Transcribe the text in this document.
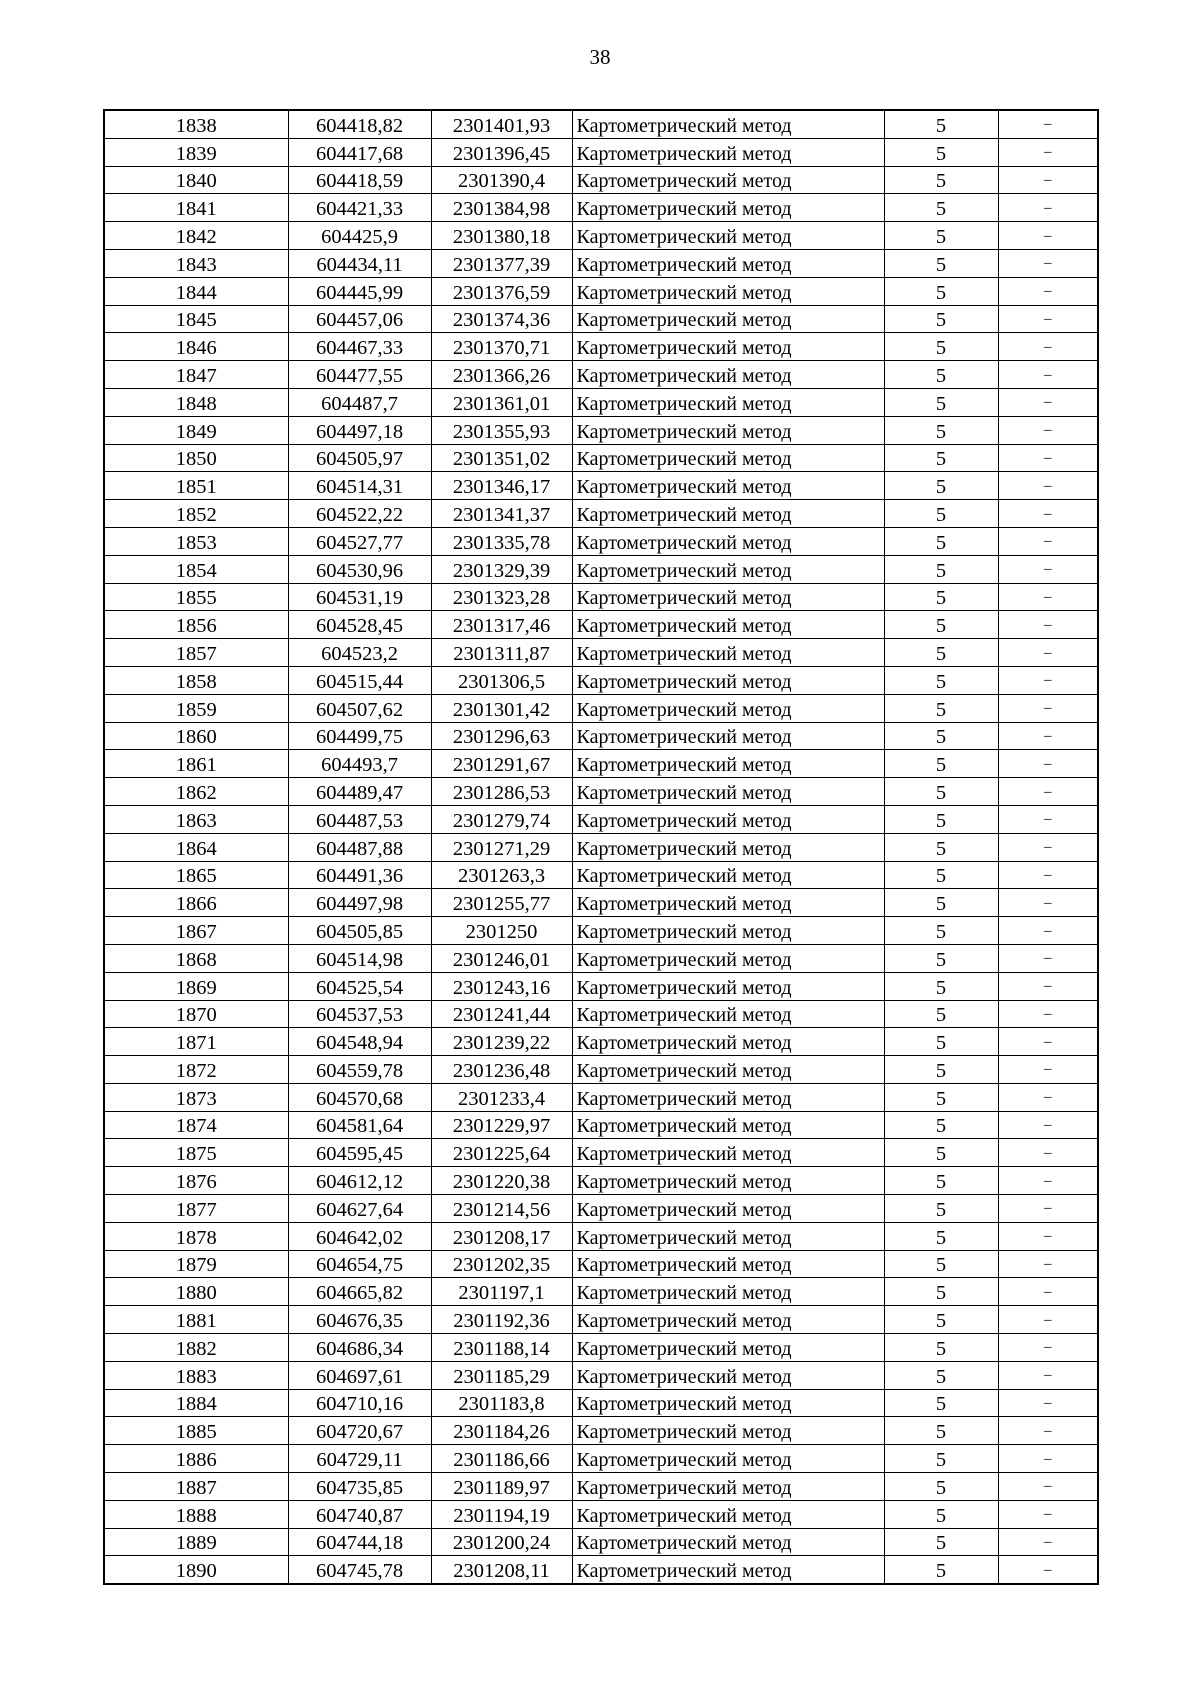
38
1838	604418,82	2301401,93	Картометрический метод	5	–
1839	604417,68	2301396,45	Картометрический метод	5	–
1840	604418,59	2301390,4	Картометрический метод	5	–
1841	604421,33	2301384,98	Картометрический метод	5	–
1842	604425,9	2301380,18	Картометрический метод	5	–
1843	604434,11	2301377,39	Картометрический метод	5	–
1844	604445,99	2301376,59	Картометрический метод	5	–
1845	604457,06	2301374,36	Картометрический метод	5	–
1846	604467,33	2301370,71	Картометрический метод	5	–
1847	604477,55	2301366,26	Картометрический метод	5	–
1848	604487,7	2301361,01	Картометрический метод	5	–
1849	604497,18	2301355,93	Картометрический метод	5	–
1850	604505,97	2301351,02	Картометрический метод	5	–
1851	604514,31	2301346,17	Картометрический метод	5	–
1852	604522,22	2301341,37	Картометрический метод	5	–
1853	604527,77	2301335,78	Картометрический метод	5	–
1854	604530,96	2301329,39	Картометрический метод	5	–
1855	604531,19	2301323,28	Картометрический метод	5	–
1856	604528,45	2301317,46	Картометрический метод	5	–
1857	604523,2	2301311,87	Картометрический метод	5	–
1858	604515,44	2301306,5	Картометрический метод	5	–
1859	604507,62	2301301,42	Картометрический метод	5	–
1860	604499,75	2301296,63	Картометрический метод	5	–
1861	604493,7	2301291,67	Картометрический метод	5	–
1862	604489,47	2301286,53	Картометрический метод	5	–
1863	604487,53	2301279,74	Картометрический метод	5	–
1864	604487,88	2301271,29	Картометрический метод	5	–
1865	604491,36	2301263,3	Картометрический метод	5	–
1866	604497,98	2301255,77	Картометрический метод	5	–
1867	604505,85	2301250	Картометрический метод	5	–
1868	604514,98	2301246,01	Картометрический метод	5	–
1869	604525,54	2301243,16	Картометрический метод	5	–
1870	604537,53	2301241,44	Картометрический метод	5	–
1871	604548,94	2301239,22	Картометрический метод	5	–
1872	604559,78	2301236,48	Картометрический метод	5	–
1873	604570,68	2301233,4	Картометрический метод	5	–
1874	604581,64	2301229,97	Картометрический метод	5	–
1875	604595,45	2301225,64	Картометрический метод	5	–
1876	604612,12	2301220,38	Картометрический метод	5	–
1877	604627,64	2301214,56	Картометрический метод	5	–
1878	604642,02	2301208,17	Картометрический метод	5	–
1879	604654,75	2301202,35	Картометрический метод	5	–
1880	604665,82	2301197,1	Картометрический метод	5	–
1881	604676,35	2301192,36	Картометрический метод	5	–
1882	604686,34	2301188,14	Картометрический метод	5	–
1883	604697,61	2301185,29	Картометрический метод	5	–
1884	604710,16	2301183,8	Картометрический метод	5	–
1885	604720,67	2301184,26	Картометрический метод	5	–
1886	604729,11	2301186,66	Картометрический метод	5	–
1887	604735,85	2301189,97	Картометрический метод	5	–
1888	604740,87	2301194,19	Картометрический метод	5	–
1889	604744,18	2301200,24	Картометрический метод	5	–
1890	604745,78	2301208,11	Картометрический метод	5	–
